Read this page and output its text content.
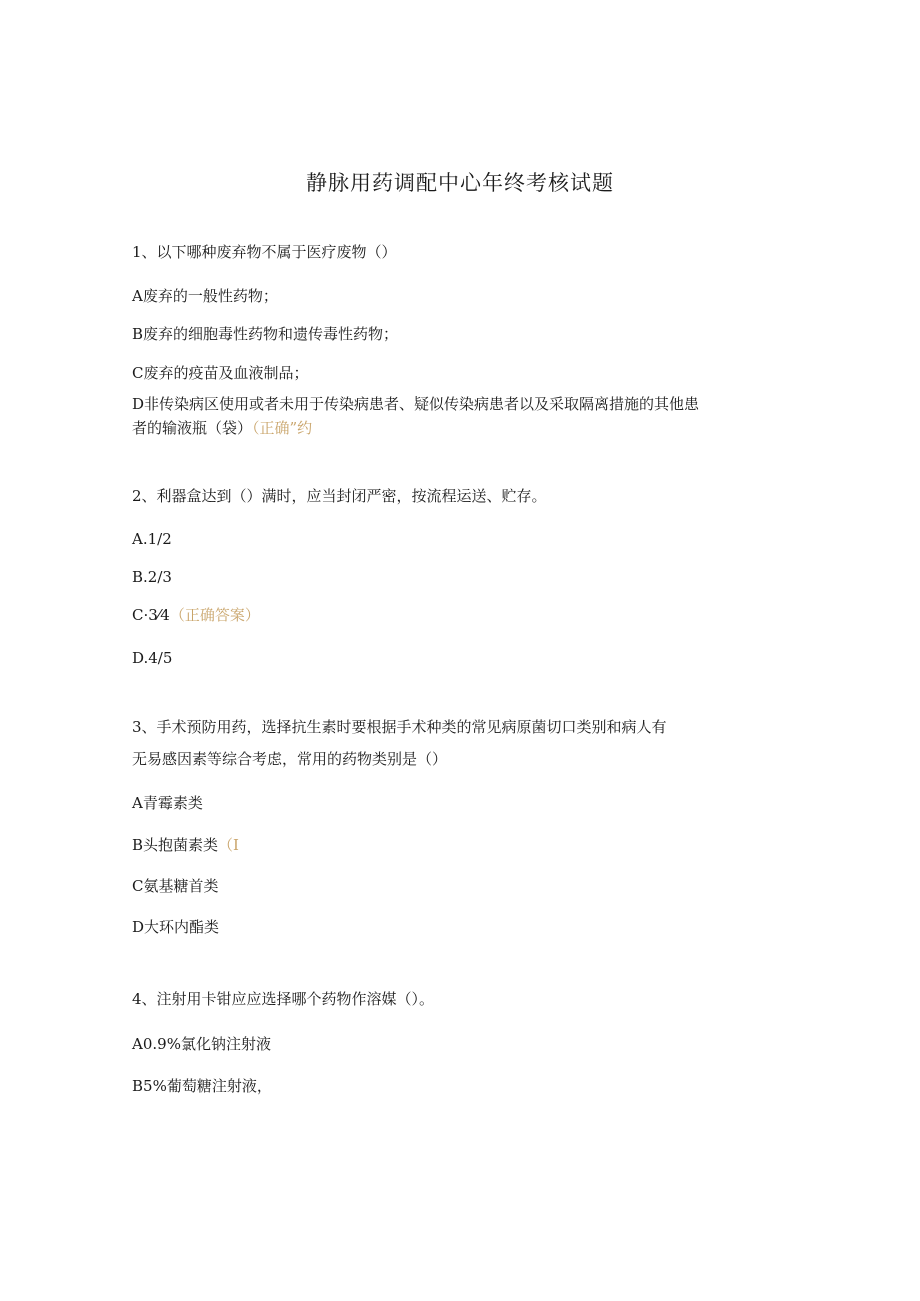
静脉用药调配中心年终考核试题
1、以下哪种废弃物不属于医疗废物（）
A废弃的一般性药物；
B废弃的细胞毒性药物和遗传毒性药物；
C废弃的疫苗及血液制品；
D非传染病区使用或者未用于传染病患者、疑似传染病患者以及采取隔离措施的其他患
者的输液瓶（袋）（正确”约
2、利器盒达到（）满时，应当封闭严密，按流程运送、贮存。
A.1/2
B.2/3
C·3⁄4（正确答案）
D.4/5
3、手术预防用药，选择抗生素时要根据手术种类的常见病原菌切口类别和病人有
无易感因素等综合考虑，常用的药物类别是（）
A青霉素类
B头抱菌素类（I
C氨基糖首类
D大环内酯类
4、注射用卡钳应应选择哪个药物作溶媒（）。
A0.9%氯化钠注射液
B5%葡萄糖注射液，
